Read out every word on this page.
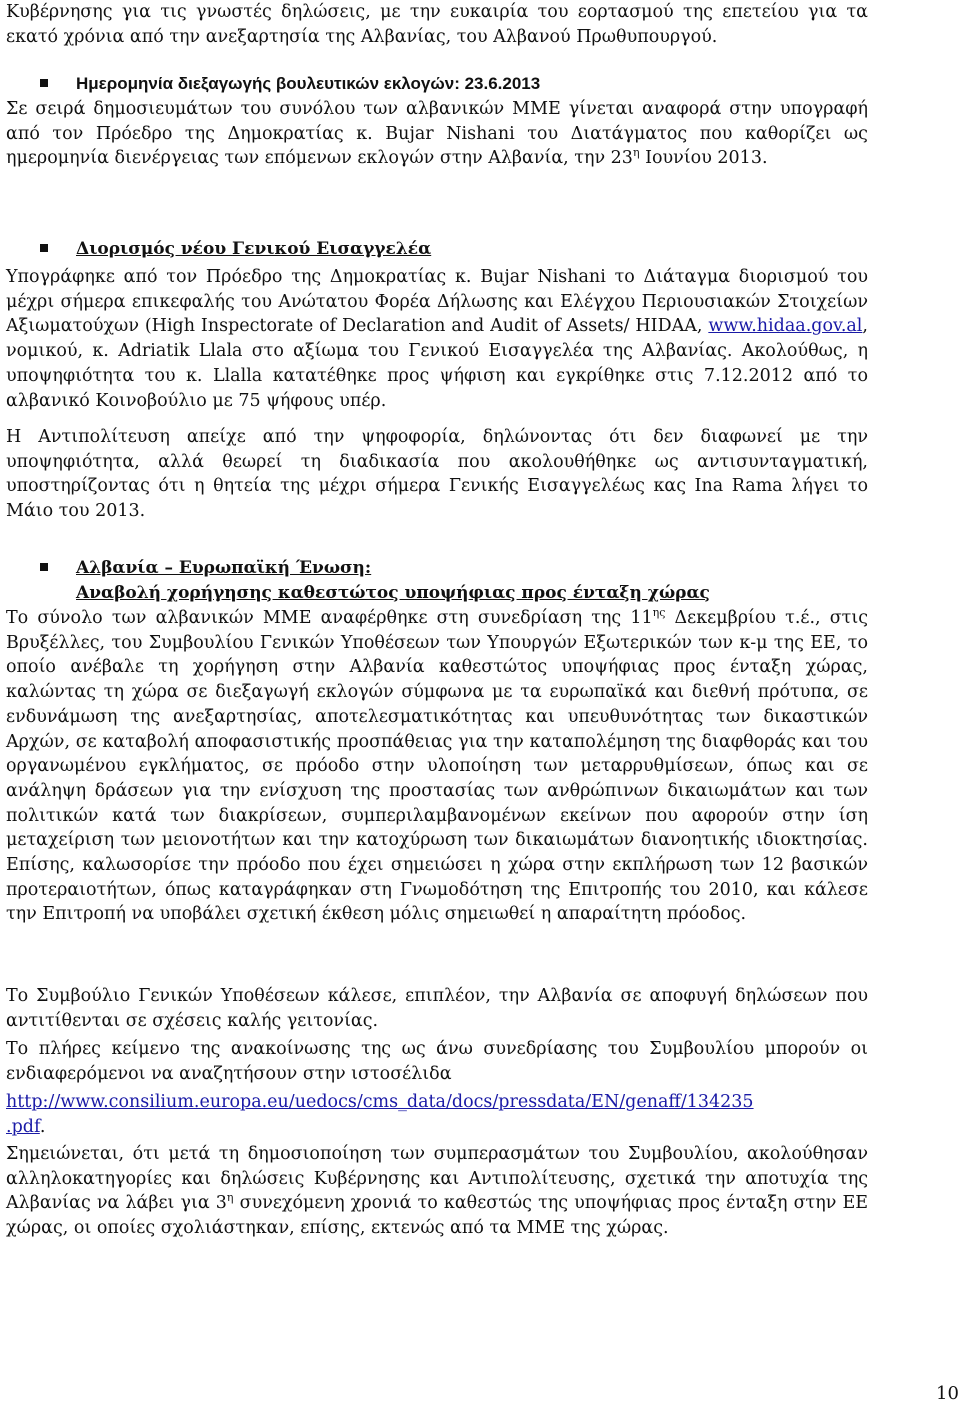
Κυβέρνησης για τις γνωστές δηλώσεις, με την ευκαιρία του εορτασμού της επετείου για τα εκατό χρόνια από την ανεξαρτησία της Αλβανίας, του Αλβανού Πρωθυπουργού.

Ημερομηνία διεξαγωγής βουλευτικών εκλογών: 23.6.2013

Σε σειρά δημοσιευμάτων του συνόλου των αλβανικών ΜΜΕ γίνεται αναφορά στην υπογραφή από τον Πρόεδρο της Δημοκρατίας κ. Bujar Nishani του Διατάγματος που καθορίζει ως ημερομηνία διενέργειας των επόμενων εκλογών στην Αλβανία, την $23^\eta$ Ιουνίου 2013.

Διορισμός νέου Γενικού Εισαγγελέα

Υπογράφηκε από τον Πρόεδρο της Δημοκρατίας κ. Bujar Nishani το Διάταγμα διορισμού του μέχρι σήμερα επικεφαλής του Ανώτατου Φορέα Δήλωσης και Ελέγχου Περιουσιακών Στοιχείων Αξιωματούχων (High Inspectorate of Declaration and Audit of Assets/ HIDAA, www.hidaa.gov.al, νομικού, κ. Adriatik Llala στο αξίωμα του Γενικού Εισαγγελέα της Αλβανίας. Ακολούθως, η υποψηφιότητα του κ. Llalla κατατέθηκε προς ψήφιση και εγκρίθηκε στις 7.12.2012 από το αλβανικό Κοινοβούλιο με 75 ψήφους υπέρ.

Η Αντιπολίτευση απείχε από την ψηφοφορία, δηλώνοντας ότι δεν διαφωνεί με την υποψηφιότητα, αλλά θεωρεί τη διαδικασία που ακολουθήθηκε ως αντισυνταγματική, υποστηρίζοντας ότι η θητεία της μέχρι σήμερα Γενικής Εισαγγελέως κας Ina Rama λήγει το Μάιο του 2013.

Αλβανία – Ευρωπαϊκή Ένωση:

Αναβολή χορήγησης καθεστώτος υποψήφιας προς ένταξη χώρας

Το σύνολο των αλβανικών ΜΜΕ αναφέρθηκε στη συνεδρίαση της $11^{\eta\varsigma}$ Δεκεμβρίου τ.έ., στις Βρυξέλλες, του Συμβουλίου Γενικών Υποθέσεων των Υπουργών Εξωτερικών των κ-μ της ΕΕ, το οποίο ανέβαλε τη χορήγηση στην Αλβανία καθεστώτος υποψήφιας προς ένταξη χώρας, καλώντας τη χώρα σε διεξαγωγή εκλογών σύμφωνα με τα ευρωπαϊκά και διεθνή πρότυπα, σε ενδυνάμωση της ανεξαρτησίας, αποτελεσματικότητας και υπευθυνότητας των δικαστικών Αρχών, σε καταβολή αποφασιστικής προσπάθειας για την καταπολέμηση της διαφθοράς και του οργανωμένου εγκλήματος, σε πρόοδο στην υλοποίηση των μεταρρυθμίσεων, όπως και σε ανάληψη δράσεων για την ενίσχυση της προστασίας των ανθρώπινων δικαιωμάτων και των πολιτικών κατά των διακρίσεων, συμπεριλαμβανομένων εκείνων που αφορούν στην ίση μεταχείριση των μειονοτήτων και την κατοχύρωση των δικαιωμάτων διανοητικής ιδιοκτησίας. Επίσης, καλωσορίσε την πρόοδο που έχει σημειώσει η χώρα στην εκπλήρωση των 12 βασικών προτεραιοτήτων, όπως καταγράφηκαν στη Γνωμοδότηση της Επιτροπής του 2010, και κάλεσε την Επιτροπή να υποβάλει σχετική έκθεση μόλις σημειωθεί η απαραίτητη πρόοδος.

Το Συμβούλιο Γενικών Υποθέσεων κάλεσε, επιπλέον, την Αλβανία σε αποφυγή δηλώσεων που αντιτίθενται σε σχέσεις καλής γειτονίας.

Το πλήρες κείμενο της ανακοίνωσης της ως άνω συνεδρίασης του Συμβουλίου μπορούν οι ενδιαφερόμενοι να αναζητήσουν στην ιστοσέλιδα

http://www.consilium.europa.eu/uedocs/cms_data/docs/pressdata/EN/genaff/134235
.pdf.

Σημειώνεται, ότι μετά τη δημοσιοποίηση των συμπερασμάτων του Συμβουλίου, ακολούθησαν αλληλοκατηγορίες και δηλώσεις Κυβέρνησης και Αντιπολίτευσης, σχετικά την αποτυχία της Αλβανίας να λάβει για $3^\eta$ συνεχόμενη χρονιά το καθεστώς της υποψήφιας προς ένταξη στην ΕΕ χώρας, οι οποίες σχολιάστηκαν, επίσης, εκτενώς από τα ΜΜΕ της χώρας.

10
